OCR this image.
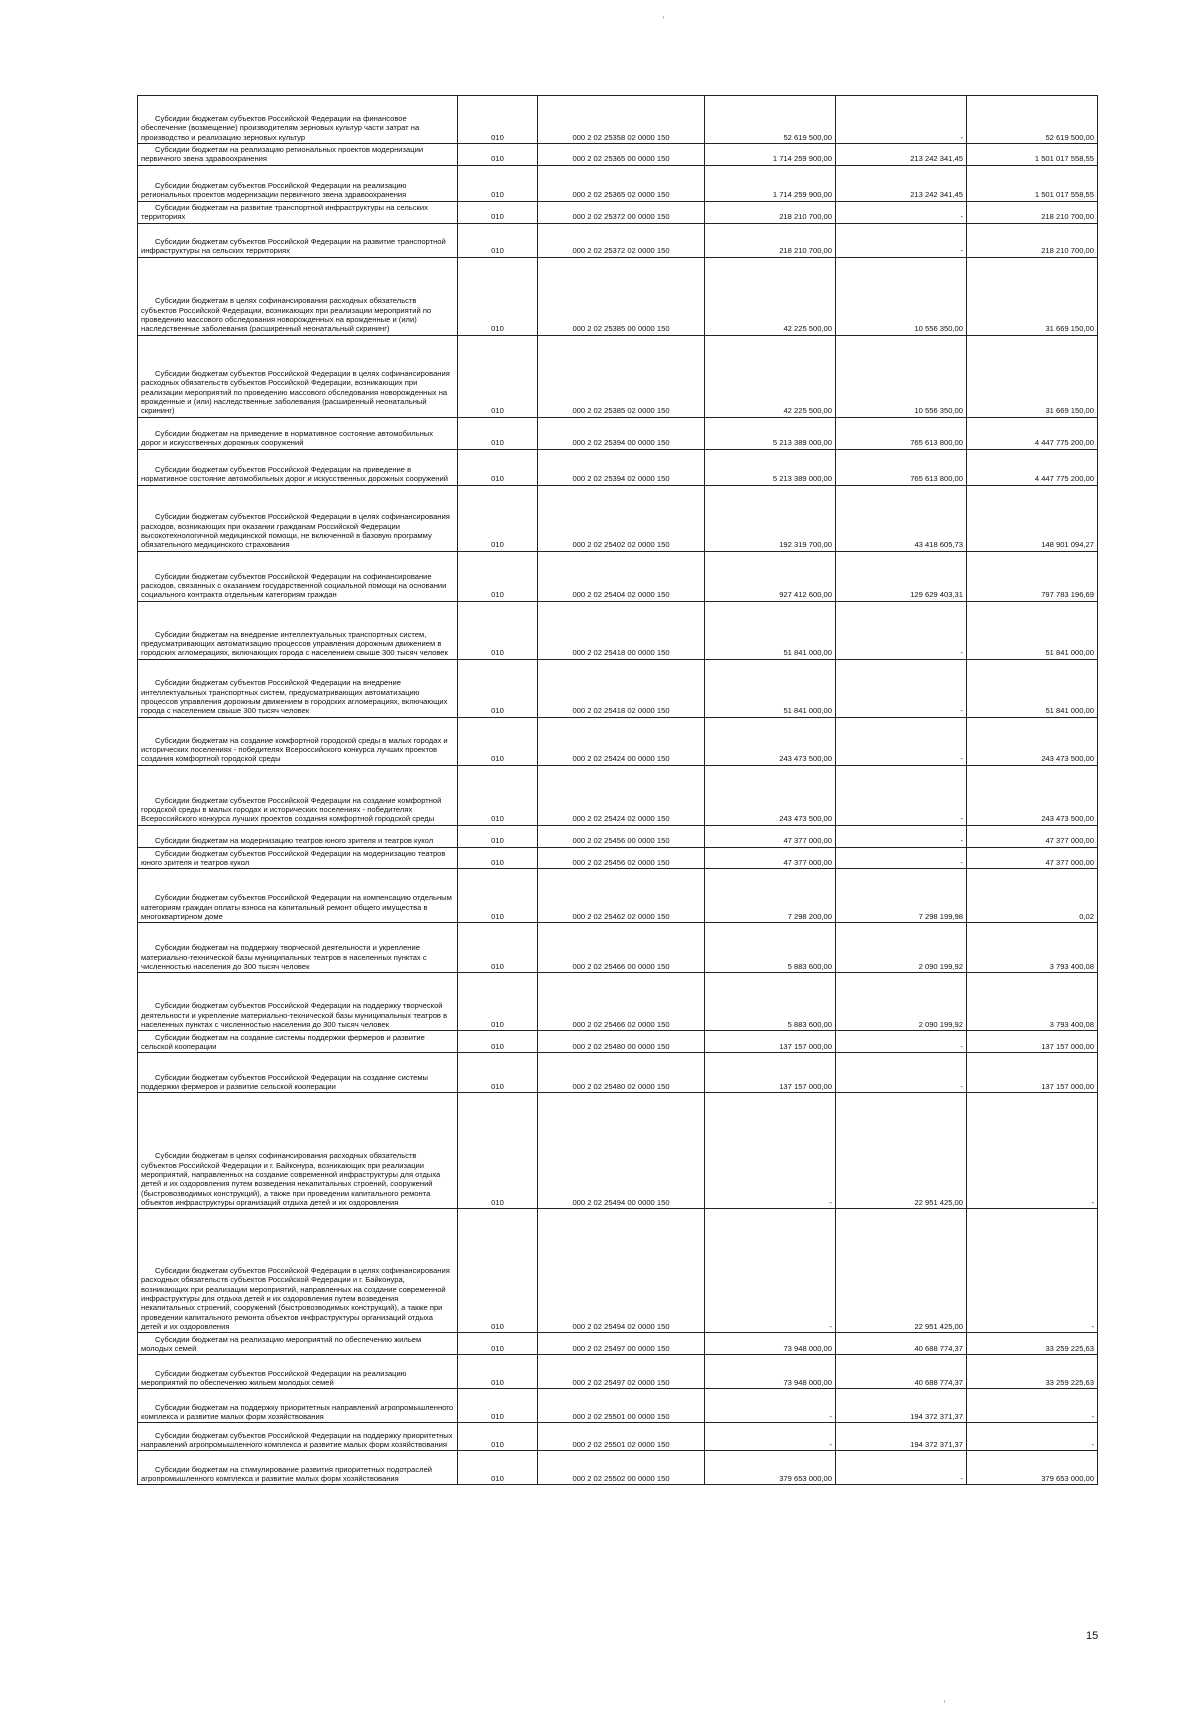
Субсидии бюджетам субъектов Российской Федерации на финансовое обеспечение (возмещение) производителям зерновых культур части затрат на производство и реализацию зерновых культур	010	000 2 02 25358 02 0000 150	52 619 500,00	-	52 619 500,00

Субсидии бюджетам на реализацию региональных проектов модернизации первичного звена здравоохранения	010	000 2 02 25365 00 0000 150	1 714 259 900,00	213 242 341,45	1 501 017 558,55

Субсидии бюджетам субъектов Российской Федерации на реализацию региональных проектов модернизации первичного звена здравоохранения	010	000 2 02 25365 02 0000 150	1 714 259 900,00	213 242 341,45	1 501 017 558,55

Субсидии бюджетам на развитие транспортной инфраструктуры на сельских территориях	010	000 2 02 25372 00 0000 150	218 210 700,00	-	218 210 700,00

Субсидии бюджетам субъектов Российской Федерации на развитие транспортной инфраструктуры на сельских территориях	010	000 2 02 25372 02 0000 150	218 210 700,00	-	218 210 700,00

Субсидии бюджетам в целях софинансирования расходных обязательств субъектов Российской Федерации, возникающих при реализации мероприятий по проведению массового обследования новорожденных на врожденные и (или) наследственные заболевания (расширенный неонатальный скрининг)	010	000 2 02 25385 00 0000 150	42 225 500,00	10 556 350,00	31 669 150,00

Субсидии бюджетам субъектов Российской Федерации в целях софинансирования расходных обязательств субъектов Российской Федерации, возникающих при реализации мероприятий по проведению массового обследования новорожденных на врожденные и (или) наследственные заболевания (расширенный неонатальный скрининг)	010	000 2 02 25385 02 0000 150	42 225 500,00	10 556 350,00	31 669 150,00

Субсидии бюджетам на приведение в нормативное состояние автомобильных дорог и искусственных дорожных сооружений	010	000 2 02 25394 00 0000 150	5 213 389 000,00	765 613 800,00	4 447 775 200,00

Субсидии бюджетам субъектов Российской Федерации на приведение в нормативное состояние автомобильных дорог и искусственных дорожных сооружений	010	000 2 02 25394 02 0000 150	5 213 389 000,00	765 613 800,00	4 447 775 200,00

Субсидии бюджетам субъектов Российской Федерации в целях софинансирования расходов, возникающих при оказании гражданам Российской Федерации высокотехнологичной медицинской помощи, не включенной в базовую программу обязательного медицинского страхования	010	000 2 02 25402 02 0000 150	192 319 700,00	43 418 605,73	148 901 094,27

Субсидии бюджетам субъектов Российской Федерации на софинансирование расходов, связанных с оказанием государственной социальной помощи на основании социального контракта отдельным категориям граждан	010	000 2 02 25404 02 0000 150	927 412 600,00	129 629 403,31	797 783 196,69

Субсидии бюджетам на внедрение интеллектуальных транспортных систем, предусматривающих автоматизацию процессов управления дорожным движением в городских агломерациях, включающих города с населением свыше 300 тысяч человек	010	000 2 02 25418 00 0000 150	51 841 000,00	-	51 841 000,00

Субсидии бюджетам субъектов Российской Федерации на внедрение интеллектуальных транспортных систем, предусматривающих автоматизацию процессов управления дорожным движением в городских агломерациях, включающих города с населением свыше 300 тысяч человек	010	000 2 02 25418 02 0000 150	51 841 000,00	-	51 841 000,00

Субсидии бюджетам на создание комфортной городской среды в малых городах и исторических поселениях - победителях Всероссийского конкурса лучших проектов создания комфортной городской среды	010	000 2 02 25424 00 0000 150	243 473 500,00	-	243 473 500,00

Субсидии бюджетам субъектов Российской Федерации на создание комфортной городской среды в малых городах и исторических поселениях - победителях Всероссийского конкурса лучших проектов создания комфортной городской среды	010	000 2 02 25424 02 0000 150	243 473 500,00	-	243 473 500,00

Субсидии бюджетам на модернизацию театров юного зрителя и театров кукол	010	000 2 02 25456 00 0000 150	47 377 000,00	-	47 377 000,00

Субсидии бюджетам субъектов Российской Федерации на модернизацию театров юного зрителя и театров кукол	010	000 2 02 25456 02 0000 150	47 377 000,00	-	47 377 000,00

Субсидии бюджетам субъектов Российской Федерации на компенсацию отдельным категориям граждан оплаты взноса на капитальный ремонт общего имущества в многоквартирном доме	010	000 2 02 25462 02 0000 150	7 298 200,00	7 298 199,98	0,02

Субсидии бюджетам на поддержку творческой деятельности и укрепление материально-технической базы муниципальных театров в населенных пунктах с численностью населения до 300 тысяч человек	010	000 2 02 25466 00 0000 150	5 883 600,00	2 090 199,92	3 793 400,08

Субсидии бюджетам субъектов Российской Федерации на поддержку творческой деятельности и укрепление материально-технической базы муниципальных театров в населенных пунктах с численностью населения до 300 тысяч человек	010	000 2 02 25466 02 0000 150	5 883 600,00	2 090 199,92	3 793 400,08

Субсидии бюджетам на создание системы поддержки фермеров и развитие сельской кооперации	010	000 2 02 25480 00 0000 150	137 157 000,00	-	137 157 000,00

Субсидии бюджетам субъектов Российской Федерации на создание системы поддержки фермеров и развитие сельской кооперации	010	000 2 02 25480 02 0000 150	137 157 000,00	-	137 157 000,00

Субсидии бюджетам в целях софинансирования расходных обязательств субъектов Российской Федерации и г. Байконура, возникающих при реализации мероприятий, направленных на создание современной инфраструктуры для отдыха детей и их оздоровления путем возведения некапитальных строений, сооружений (быстровозводимых конструкций), а также при проведении капитального ремонта объектов инфраструктуры организаций отдыха детей и их оздоровления	010	000 2 02 25494 00 0000 150	-	22 951 425,00	-

Субсидии бюджетам субъектов Российской Федерации в целях софинансирования расходных обязательств субъектов Российской Федерации и г. Байконура, возникающих при реализации мероприятий, направленных на создание современной инфраструктуры для отдыха детей и их оздоровления путем возведения некапитальных строений, сооружений (быстровозводимых конструкций), а также при проведении капитального ремонта объектов инфраструктуры организаций отдыха детей и их оздоровления	010	000 2 02 25494 02 0000 150	-	22 951 425,00	-

Субсидии бюджетам на реализацию мероприятий по обеспечению жильем молодых семей	010	000 2 02 25497 00 0000 150	73 948 000,00	40 688 774,37	33 259 225,63

Субсидии бюджетам субъектов Российской Федерации на реализацию мероприятий по обеспечению жильем молодых семей	010	000 2 02 25497 02 0000 150	73 948 000,00	40 688 774,37	33 259 225,63

Субсидии бюджетам на поддержку приоритетных направлений агропромышленного комплекса и развитие малых форм хозяйствования	010	000 2 02 25501 00 0000 150	-	194 372 371,37	-

Субсидии бюджетам субъектов Российской Федерации на поддержку приоритетных направлений агропромышленного комплекса и развитие малых форм хозяйствования	010	000 2 02 25501 02 0000 150	-	194 372 371,37	-

Субсидии бюджетам на стимулирование развития приоритетных подотраслей агропромышленного комплекса и развитие малых форм хозяйствования	010	000 2 02 25502 00 0000 150	379 653 000,00	-	379 653 000,00
15
